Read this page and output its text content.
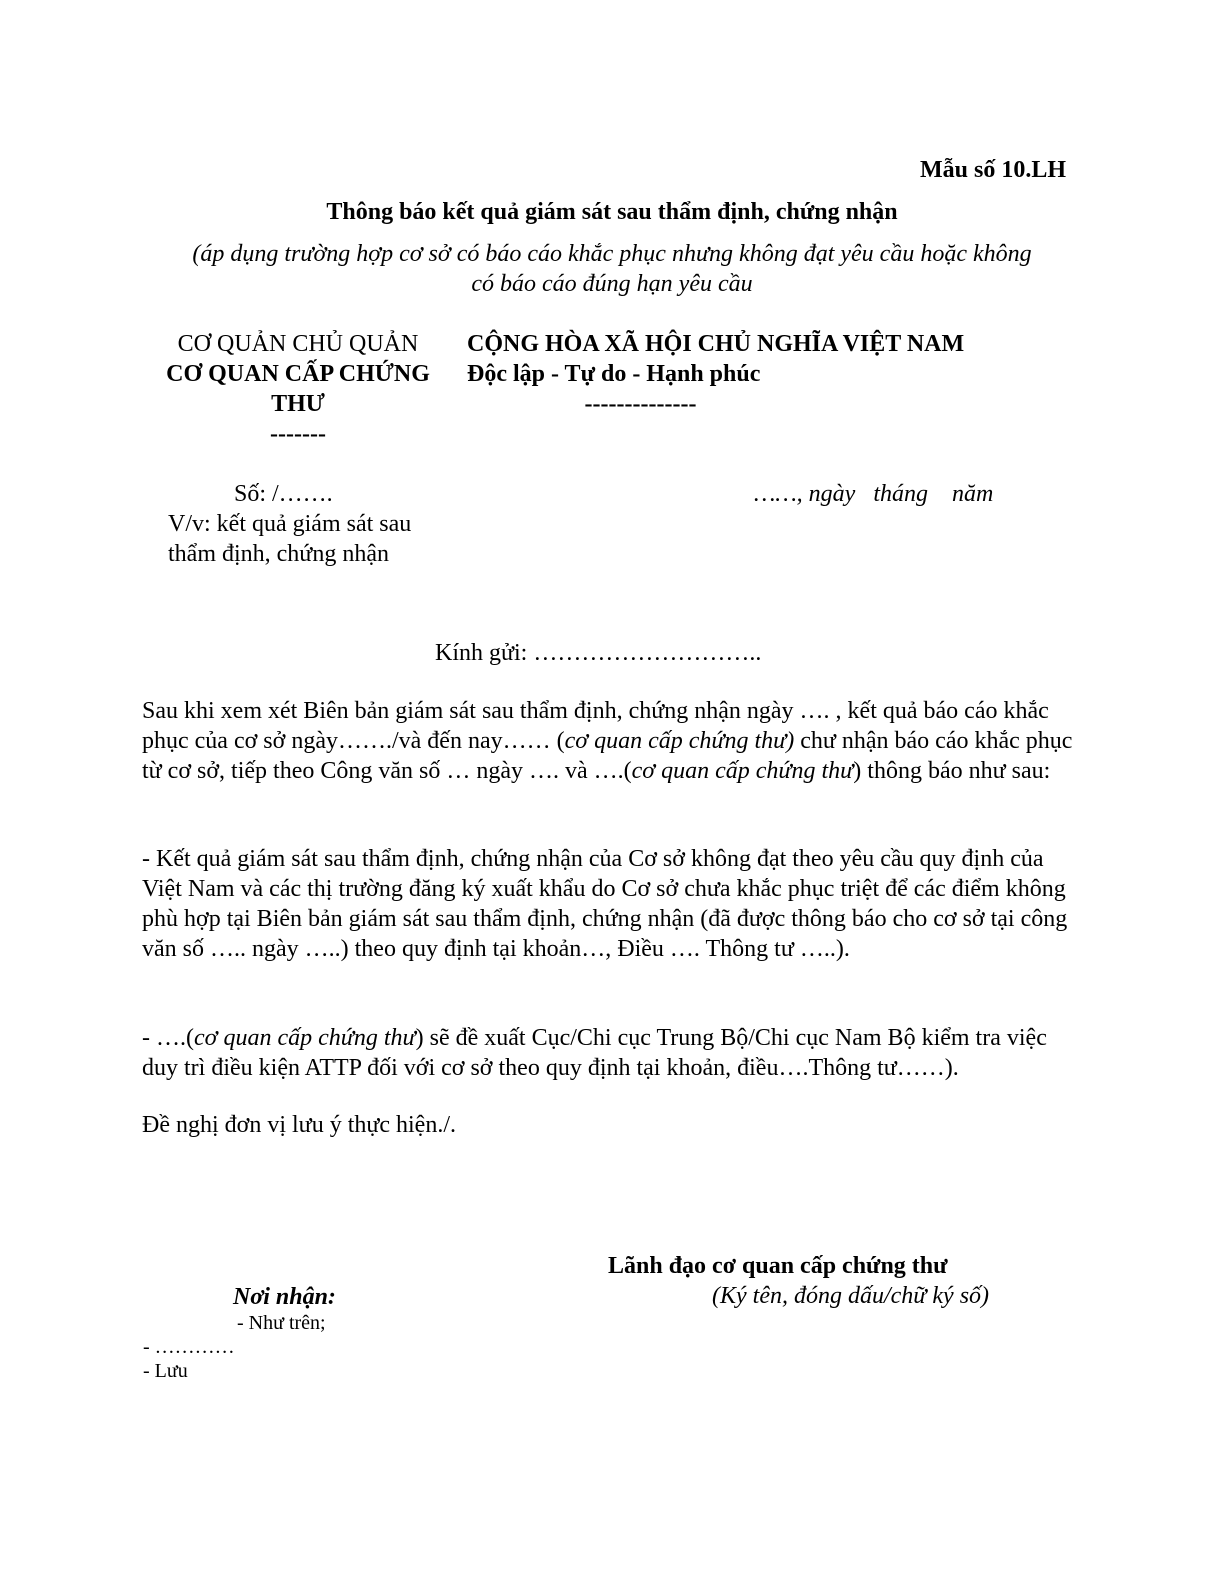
Mẫu số 10.LH
Thông báo kết quả giám sát sau thẩm định, chứng nhận
(áp dụng trường hợp cơ sở có báo cáo khắc phục nhưng không đạt yêu cầu hoặc không
có báo cáo đúng hạn yêu cầu
CƠ QUẢN CHỦ QUẢN
CƠ QUAN CẤP CHỨNG
THƯ
-------
CỘNG HÒA XÃ HỘI CHỦ NGHĨA VIỆT NAM
Độc lập - Tự do - Hạnh phúc
--------------
Số: /…….
V/v: kết quả giám sát sau
thẩm định, chứng nhận
……, ngày   tháng    năm
Kính gửi: ………………………..
Sau khi xem xét Biên bản giám sát sau thẩm định, chứng nhận ngày …. , kết quả báo cáo khắc phục của cơ sở ngày……./và đến nay…… (cơ quan cấp chứng thư) chư nhận báo cáo khắc phục từ cơ sở, tiếp theo Công văn số … ngày …. và ….(cơ quan cấp chứng thư) thông báo như sau:
- Kết quả giám sát sau thẩm định, chứng nhận của Cơ sở không đạt theo yêu cầu quy định của Việt Nam và các thị trường đăng ký xuất khẩu do Cơ sở chưa khắc phục triệt để các điểm không phù hợp tại Biên bản giám sát sau thẩm định, chứng nhận (đã được thông báo cho cơ sở tại công văn số ….. ngày …..) theo quy định tại khoản…, Điều …. Thông tư …..).
- ….(cơ quan cấp chứng thư) sẽ đề xuất Cục/Chi cục Trung Bộ/Chi cục Nam Bộ kiểm tra việc duy trì điều kiện ATTP đối với cơ sở theo quy định tại khoản, điều….Thông tư……).
Đề nghị đơn vị lưu ý thực hiện./.
Lãnh đạo cơ quan cấp chứng thư
(Ký tên, đóng dấu/chữ ký số)
Nơi nhận:
- Như trên;
- …………
- Lưu
